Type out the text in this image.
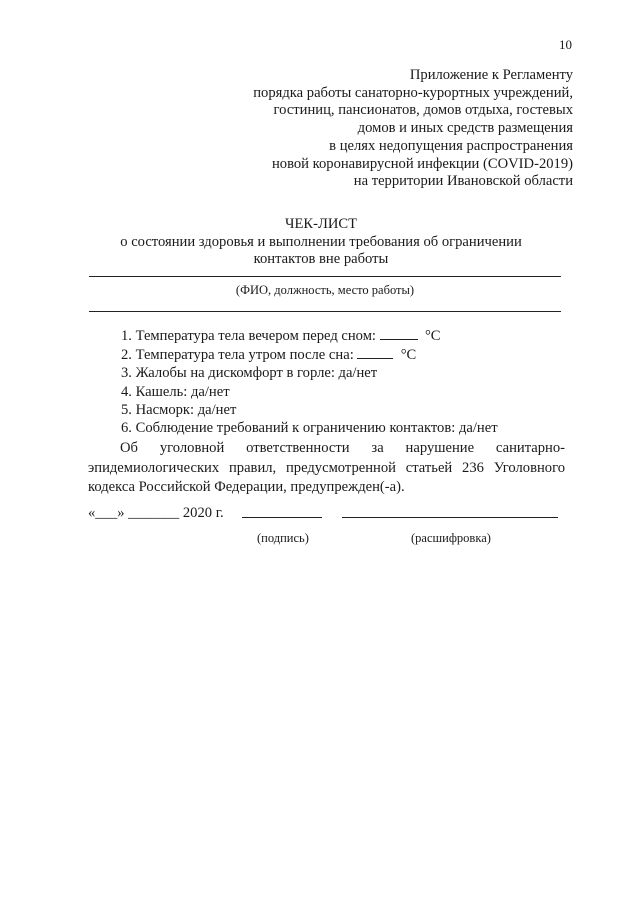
10
Приложение к Регламенту
порядка работы санаторно-курортных учреждений,
гостиниц, пансионатов, домов отдыха, гостевых
домов и иных средств размещения
в целях недопущения распространения
новой коронавирусной инфекции (COVID-2019)
на территории Ивановской области
ЧЕК-ЛИСТ
о состоянии здоровья и выполнении требования об ограничении
контактов вне работы
(ФИО, должность, место работы)
1. Температура тела вечером перед сном:	°С
2. Температура тела утром после сна:	°С
3. Жалобы на дискомфорт в горле: да/нет
4. Кашель: да/нет
5. Насморк: да/нет
6. Соблюдение требований к ограничению контактов: да/нет
Об уголовной ответственности за нарушение санитарно-эпидемиологических правил, предусмотренной статьей 236 Уголовного кодекса Российской Федерации, предупрежден(-а).
«___» _______ 2020 г.
(подпись)	(расшифровка)
